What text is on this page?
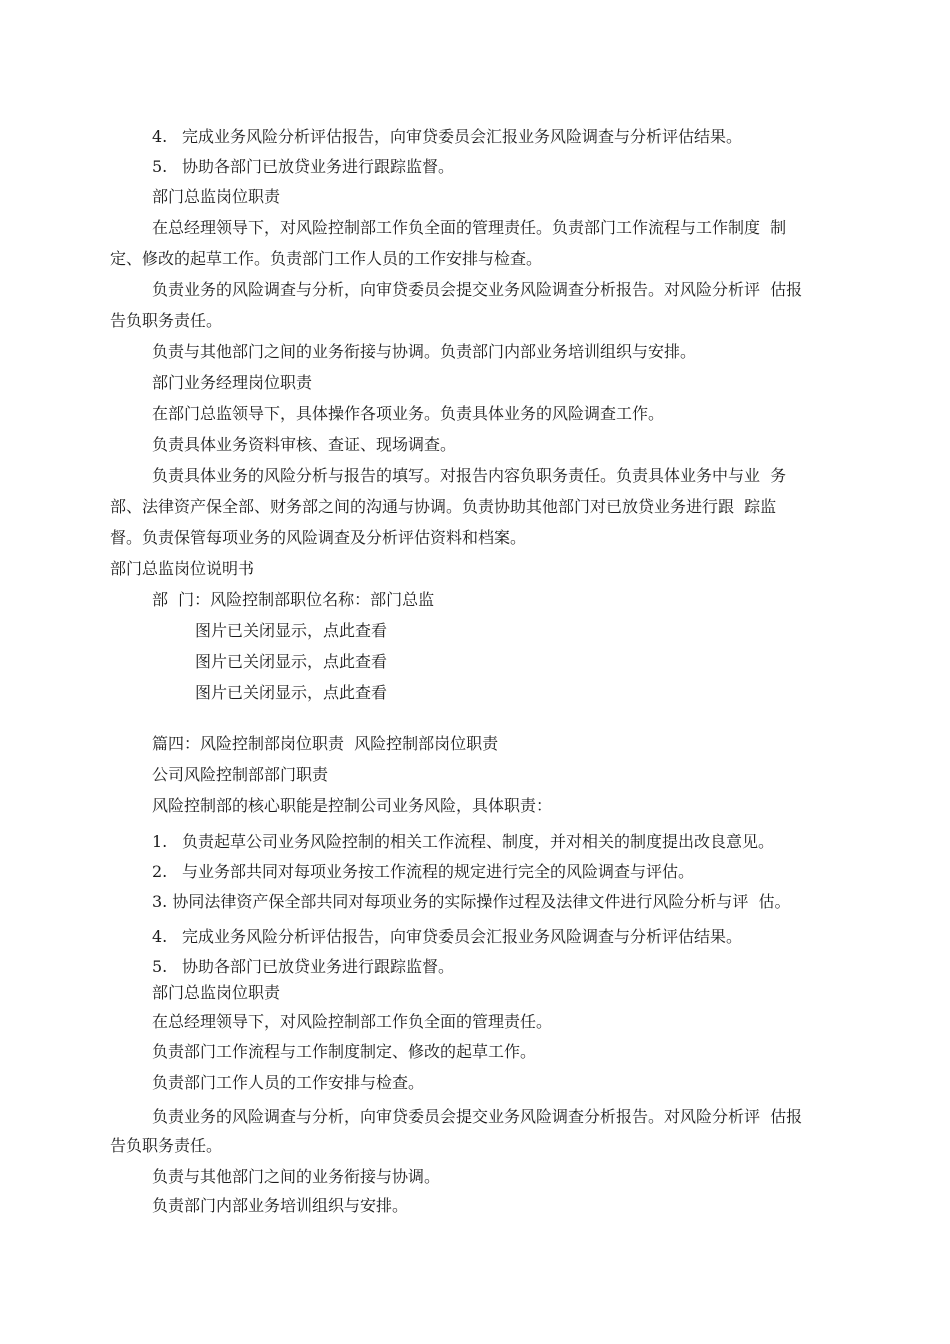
4. 完成业务风险分析评估报告，向审贷委员会汇报业务风险调查与分析评估结果。
5. 协助各部门已放贷业务进行跟踪监督。
部门总监岗位职责
在总经理领导下，对风险控制部工作负全面的管理责任。负责部门工作流程与工作制度  制
定、修改的起草工作。负责部门工作人员的工作安排与检查。
负责业务的风险调查与分析，向审贷委员会提交业务风险调查分析报告。对风险分析评  估报
告负职务责任。
负责与其他部门之间的业务衔接与协调。负责部门内部业务培训组织与安排。
部门业务经理岗位职责
在部门总监领导下，具体操作各项业务。负责具体业务的风险调查工作。
负责具体业务资料审核、查证、现场调查。
负责具体业务的风险分析与报告的填写。对报告内容负职务责任。负责具体业务中与业  务
部、法律资产保全部、财务部之间的沟通与协调。负责协助其他部门对已放贷业务进行跟  踪监
督。负责保管每项业务的风险调查及分析评估资料和档案。
部门总监岗位说明书
部  门：风险控制部职位名称：部门总监
图片已关闭显示，点此查看
图片已关闭显示，点此查看
图片已关闭显示，点此查看
篇四：风险控制部岗位职责  风险控制部岗位职责
公司风险控制部部门职责
风险控制部的核心职能是控制公司业务风险，具体职责：
1. 负责起草公司业务风险控制的相关工作流程、制度，并对相关的制度提出改良意见。
2. 与业务部共同对每项业务按工作流程的规定进行完全的风险调查与评估。
3. 协同法律资产保全部共同对每项业务的实际操作过程及法律文件进行风险分析与评  估。
4. 完成业务风险分析评估报告，向审贷委员会汇报业务风险调查与分析评估结果。
5. 协助各部门已放贷业务进行跟踪监督。
部门总监岗位职责
在总经理领导下，对风险控制部工作负全面的管理责任。
负责部门工作流程与工作制度制定、修改的起草工作。
负责部门工作人员的工作安排与检查。
负责业务的风险调查与分析，向审贷委员会提交业务风险调查分析报告。对风险分析评  估报
告负职务责任。
负责与其他部门之间的业务衔接与协调。
负责部门内部业务培训组织与安排。
